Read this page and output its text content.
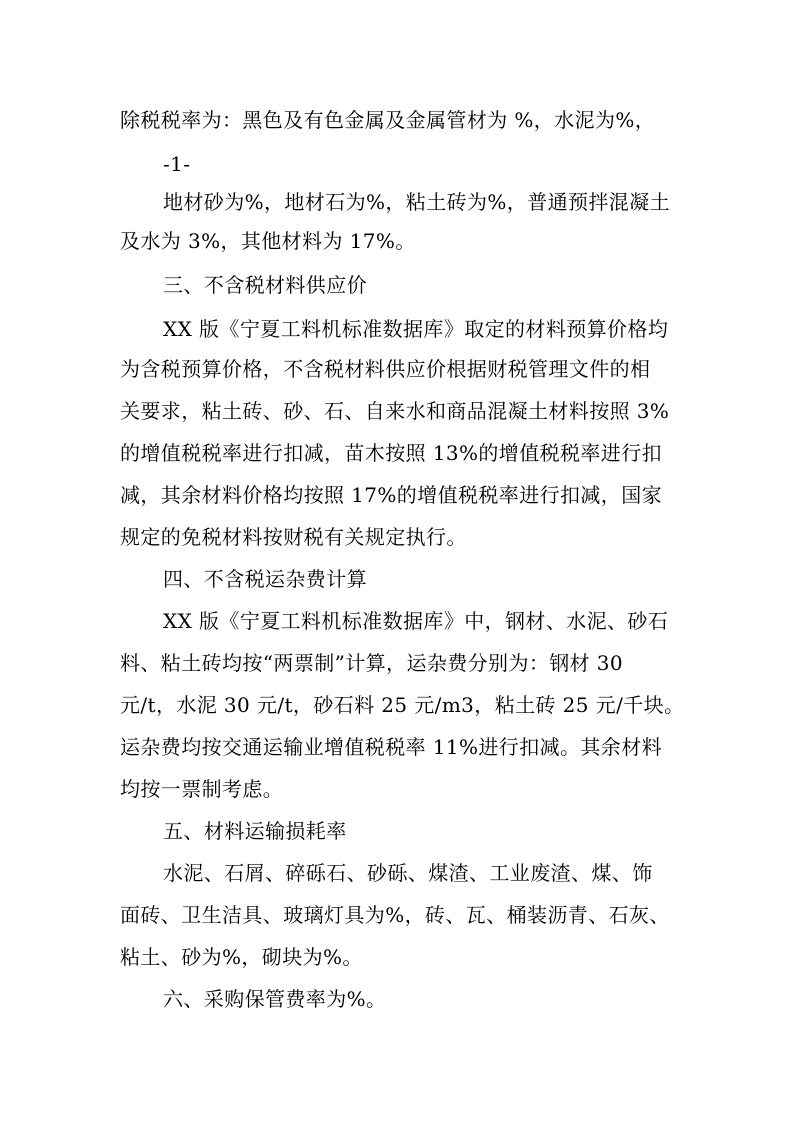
除税税率为：黑色及有色金属及金属管材为 %，水泥为%，
-1-
地材砂为%，地材石为%，粘土砖为%，普通预拌混凝土
及水为 3%，其他材料为 17%。
三、不含税材料供应价
XX 版《宁夏工料机标准数据库》取定的材料预算价格均
为含税预算价格，不含税材料供应价根据财税管理文件的相
关要求，粘土砖、砂、石、自来水和商品混凝土材料按照 3%
的增值税税率进行扣减，苗木按照 13%的增值税税率进行扣
减，其余材料价格均按照 17%的增值税税率进行扣减，国家
规定的免税材料按财税有关规定执行。
四、不含税运杂费计算
XX 版《宁夏工料机标准数据库》中，钢材、水泥、砂石
料、粘土砖均按“两票制”计算，运杂费分别为：钢材 30
元/t，水泥 30 元/t，砂石料 25 元/m3，粘土砖 25 元/千块。
运杂费均按交通运输业增值税税率 11%进行扣减。其余材料
均按一票制考虑。
五、材料运输损耗率
水泥、石屑、碎砾石、砂砾、煤渣、工业废渣、煤、饰
面砖、卫生洁具、玻璃灯具为%，砖、瓦、桶装沥青、石灰、
粘土、砂为%，砌块为%。
六、采购保管费率为%。
